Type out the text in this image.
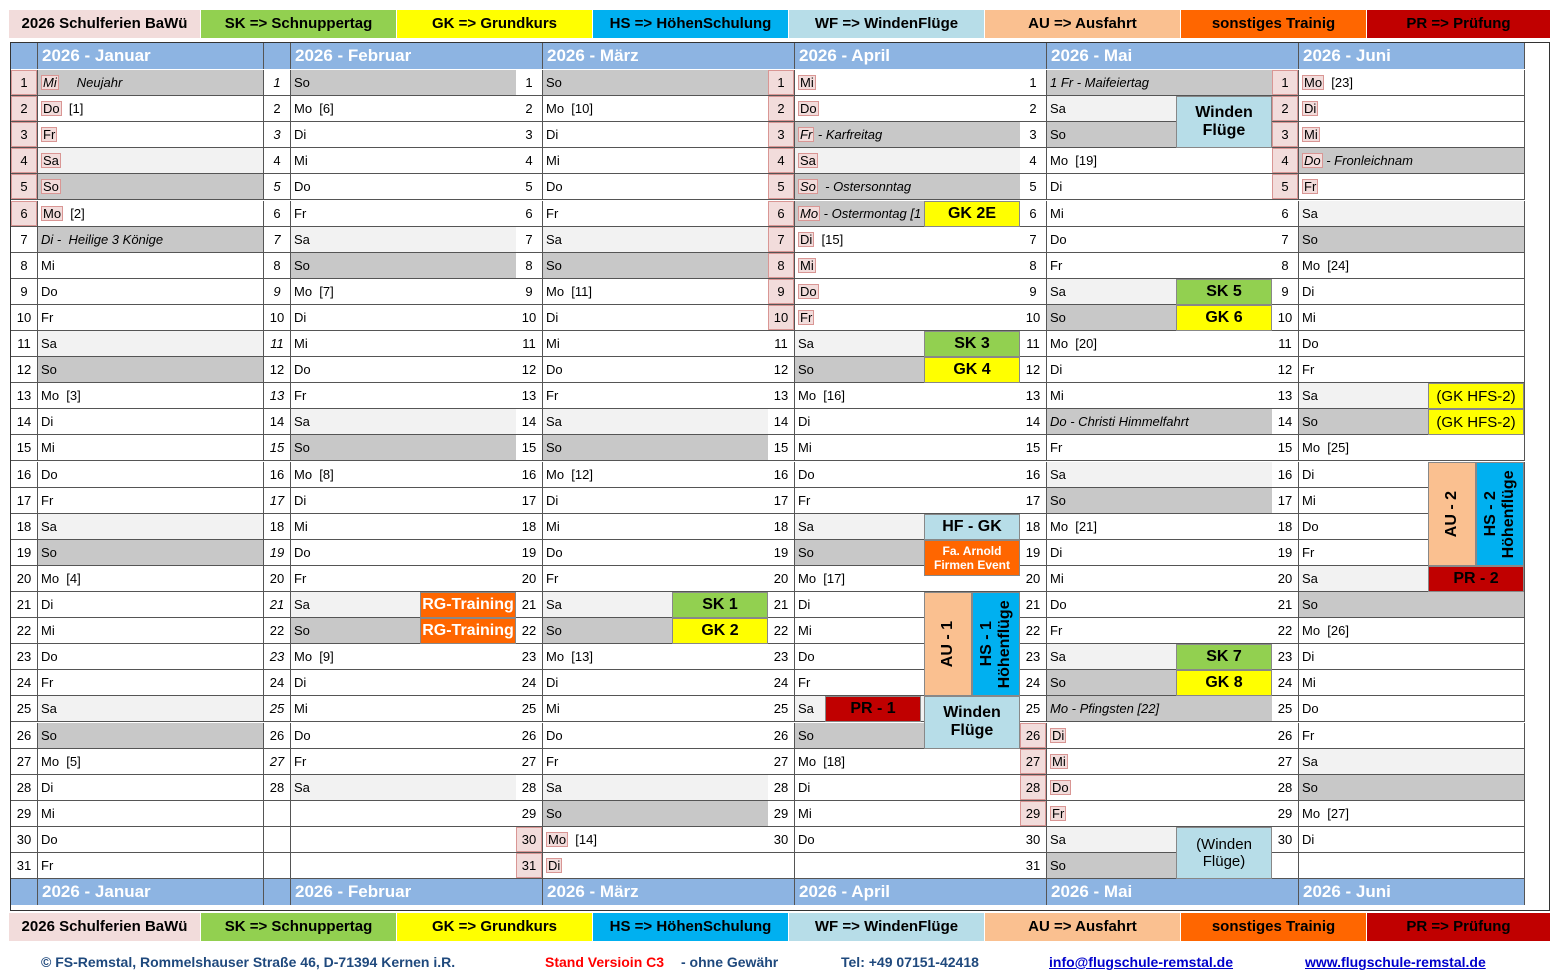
2026 Schulferien BaWü	SK => Schnuppertag	GK => Grundkurs	HS => HöhenSchulung	WF => WindenFlüge	AU => Ausfahrt	sonstiges Trainig	PR => Prüfung
2026 - Januar
2026 - Januar
1	Mi     Neujahr
2	Do  [1]
3	Fr
4	Sa
5	So
6	Mo  [2]
7	Di -  Heilige 3 Könige
8	Mi
9	Do
10 Fr
11 Sa
12 So
13 Mo  [3]
14 Di
15 Mi
16 Do
17 Fr
18 Sa
19 So
20 Mo  [4]
21 Di
22 Mi
23 Do
24 Fr
25 Sa
26 So
27 Mo  [5]
28 Di
29 Mi
30 Do
31 Fr
2026 - Februar
2026 - Februar
1	So
2	Mo  [6]
3	Di
4	Mi
5	Do
6	Fr
7	Sa
8	So
9	Mo  [7]
10 Di
11 Mi
12 Do
13 Fr
14 Sa
15 So
16 Mo  [8]
17 Di
18 Mi
19 Do
20 Fr
21 Sa
22 So
23 Mo  [9]
24 Di
25 Mi
26 Do
27 Fr
28 Sa
2026 - März
2026 - März
1	So
2	Mo  [10]
3	Di
4	Mi
5	Do
6	Fr
7	Sa
8	So
9	Mo  [11]
10 Di
11 Mi
12 Do
13 Fr
14 Sa
15 So
16 Mo  [12]
17 Di
18 Mi
19 Do
20 Fr
21 Sa
22 So
23 Mo  [13]
24 Di
25 Mi
26 Do
27 Fr
28 Sa
29 So
30 Mo  [14]
31 Di
2026 - April
2026 - April
1	Mi
2	Do
3	Fr - Karfreitag
4	Sa
5	So  - Ostersonntag
6	Mo - Ostermontag [1
7	Di  [15]
8	Mi
9	Do
10 Fr
11 Sa
12 So
13 Mo  [16]
14 Di
15 Mi
16 Do
17 Fr
18 Sa
19 So
20 Mo  [17]
21 Di
22 Mi
23 Do
24 Fr
25 Sa
26 So
27 Mo  [18]
28 Di
29 Mi
30 Do
2026 - Mai
2026 - Mai
1	1 Fr - Maifeiertag
2	Sa
3	So
4	Mo  [19]
5	Di
6	Mi
7	Do
8	Fr
9	Sa
10 So
11 Mo  [20]
12 Di
13 Mi
14 Do - Christi Himmelfahrt
15 Fr
16 Sa
17 So
18 Mo  [21]
19 Di
20 Mi
21 Do
22 Fr
23 Sa
24 So
25 Mo - Pfingsten [22]
26 Di
27 Mi
28 Do
29 Fr
30 Sa
31 So
2026 - Juni
2026 - Juni
1	Mo  [23]
2	Di
3	Mi
4	Do - Fronleichnam
5	Fr
6	Sa
7	So
8	Mo  [24]
9	Di
10 Mi
11 Do
12 Fr
13 Sa
14 So
15 Mo  [25]
16 Di
17 Mi
18 Do
19 Fr
20 Sa
21 So
22 Mo  [26]
23 Di
24 Mi
25 Do
26 Fr
27 Sa
28 So
29 Mo  [27]
30 Di
RG-Training
RG-Training
SK 1
GK 2
GK 2E
SK 3
GK 4
HF - GK
Fa. Arnold Firmen Event
PR - 1	Winden Flüge
Winden Flüge
SK 5
GK 6
SK 7
GK 8
(Winden Flüge)
(GK HFS-2)
(GK HFS-2)
PR - 2
AU - 1 HS - 1 Höhenflüge
AU - 2 HS - 2 Höhenflüge
2026 Schulferien BaWü	SK => Schnuppertag	GK => Grundkurs	HS => HöhenSchulung	WF => WindenFlüge	AU => Ausfahrt	sonstiges Trainig	PR => Prüfung
© FS-Remstal, Rommelshauser Straße 46, D-71394 Kernen i.R.	Stand Versioin C3 - ohne Gewähr	Tel: +49 07151-42418	info@flugschule-remstal.de	www.flugschule-remstal.de
